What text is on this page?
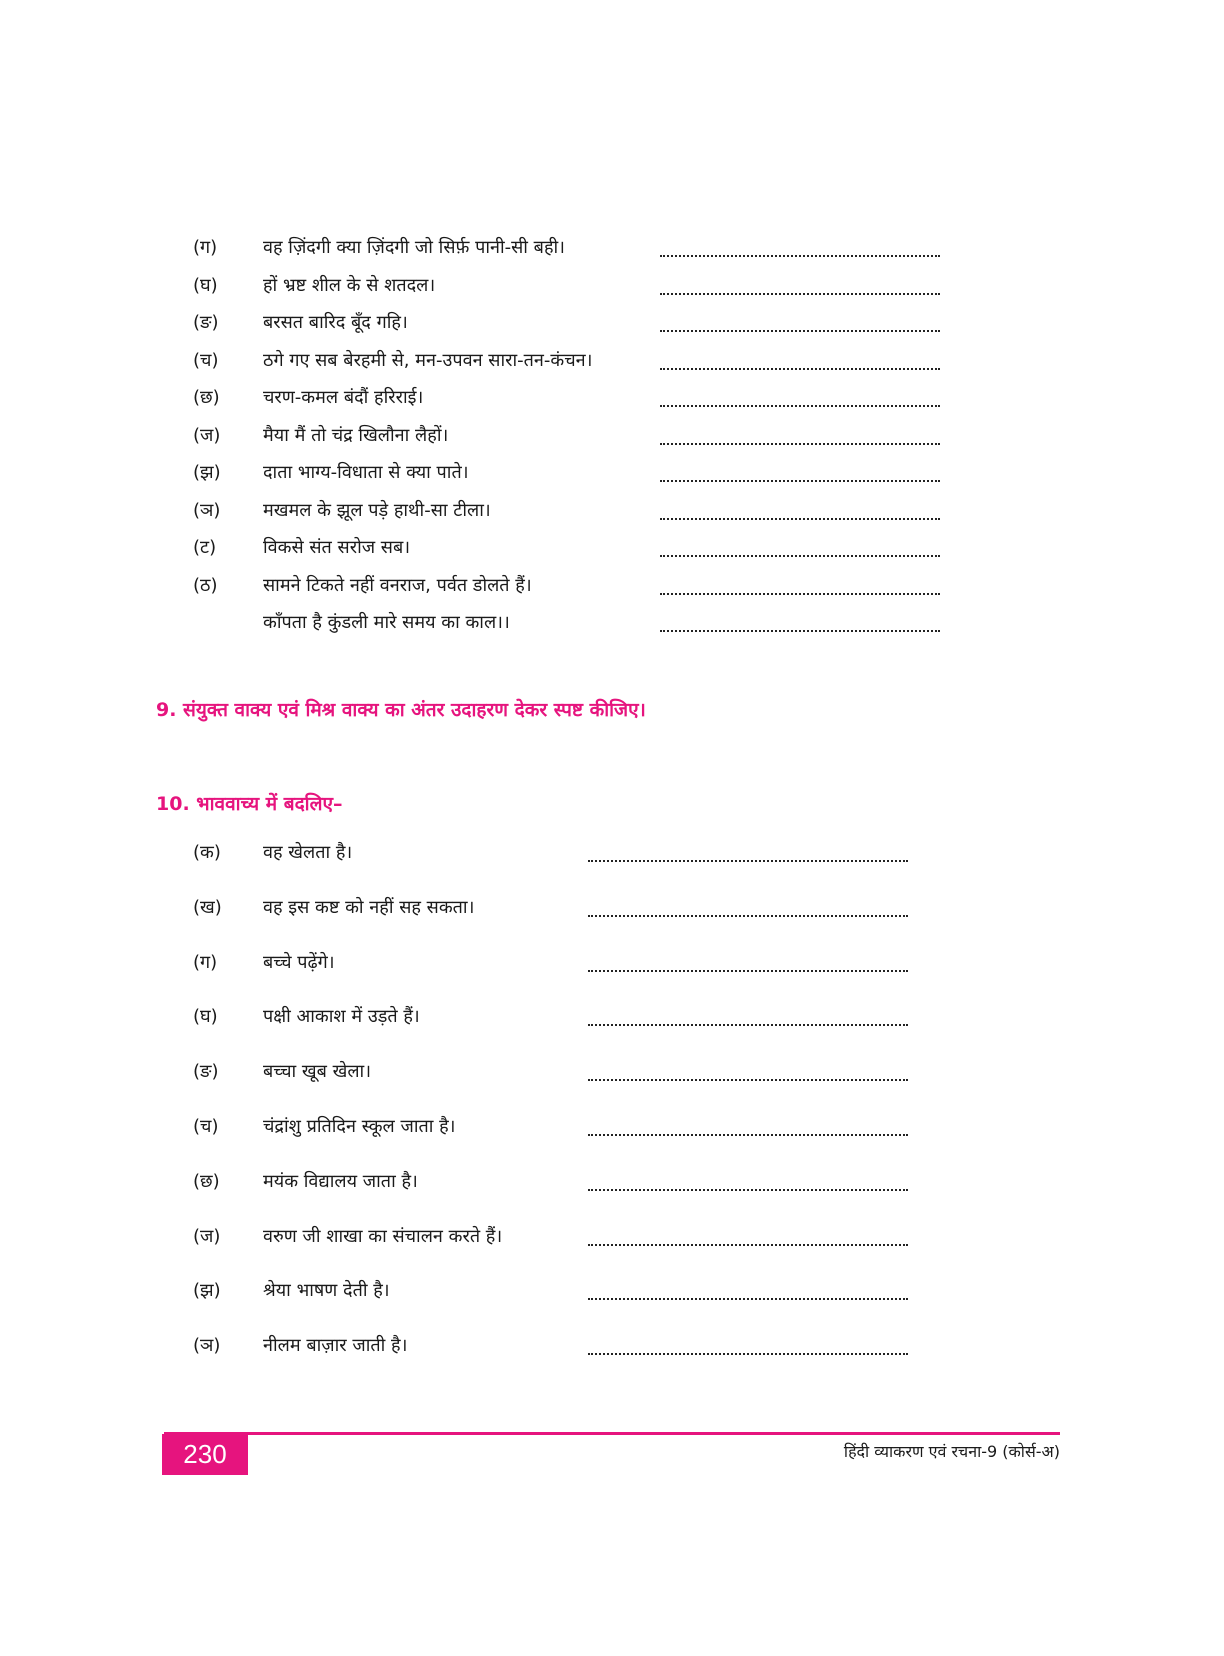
(ग)	वह ज़िंदगी क्या ज़िंदगी जो सिर्फ़ पानी-सी बही।
(घ)	हों भ्रष्ट शील के से शतदल।
(ङ)	बरसत बारिद बूँद गहि।
(च)	ठगे गए सब बेरहमी से, मन-उपवन सारा-तन-कंचन।
(छ)	चरण-कमल बंदौं हरिराई।
(ज)	मैया मैं तो चंद्र खिलौना लैहों।
(झ)	दाता भाग्य-विधाता से क्या पाते।
(ञ)	मखमल के झूल पड़े हाथी-सा टीला।
(ट)	विकसे संत सरोज सब।
(ठ)	सामने टिकते नहीं वनराज, पर्वत डोलते हैं।
काँपता है कुंडली मारे समय का काल।।
9. संयुक्त वाक्य एवं मिश्र वाक्य का अंतर उदाहरण देकर स्पष्ट कीजिए।
10. भाववाच्य में बदलिए–
(क)	वह खेलता है।
(ख)	वह इस कष्ट को नहीं सह सकता।
(ग)	बच्चे पढ़ेंगे।
(घ)	पक्षी आकाश में उड़ते हैं।
(ङ)	बच्चा खूब खेला।
(च)	चंद्रांशु प्रतिदिन स्कूल जाता है।
(छ)	मयंक विद्यालय जाता है।
(ज)	वरुण जी शाखा का संचालन करते हैं।
(झ)	श्रेया भाषण देती है।
(ञ)	नीलम बाज़ार जाती है।
230	हिंदी व्याकरण एवं रचना-9 (कोर्स-अ)
